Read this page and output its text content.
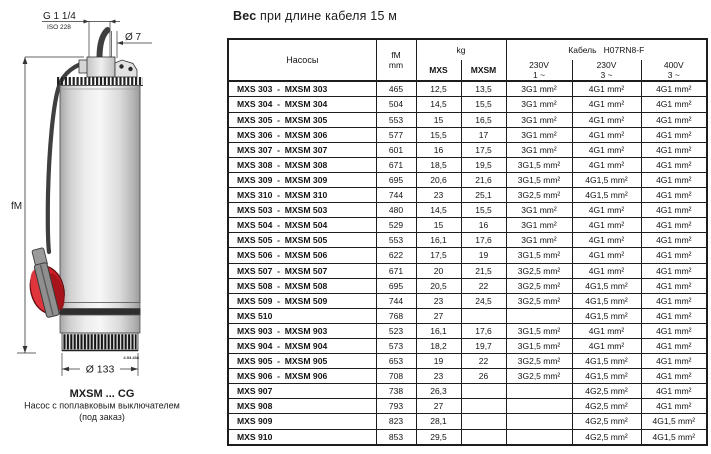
fM
G 1 1/4
ISO 228
Ø 7
Ø 133
4.93.438
MXSM ... CG
Насос с поплавковым выключателем
(под заказ)
Вес при длине кабеля 15 м
Насосы	fM
mm	kg		Кабель   H07RN8-F		
MXS	MXSM	
230V
1 ~

230V
3 ~

400V
3 ~

MXS 303  -  MXSM 303	465	12,5	13,5	3G1 mm²	4G1 mm²	4G1 mm²
MXS 304  -  MXSM 304	504	14,5	15,5	3G1 mm²	4G1 mm²	4G1 mm²
MXS 305  -  MXSM 305	553	15	16,5	3G1 mm²	4G1 mm²	4G1 mm²
MXS 306  -  MXSM 306	577	15,5	17	3G1 mm²	4G1 mm²	4G1 mm²
MXS 307  -  MXSM 307	601	16	17,5	3G1 mm²	4G1 mm²	4G1 mm²
MXS 308  -  MXSM 308	671	18,5	19,5	3G1,5 mm²	4G1 mm²	4G1 mm²
MXS 309  -  MXSM 309	695	20,6	21,6	3G1,5 mm²	4G1,5 mm²	4G1 mm²
MXS 310  -  MXSM 310	744	23	25,1	3G2,5 mm²	4G1,5 mm²	4G1 mm²
MXS 503  -  MXSM 503	480	14,5	15,5	3G1 mm²	4G1 mm²	4G1 mm²
MXS 504  -  MXSM 504	529	15	16	3G1 mm²	4G1 mm²	4G1 mm²
MXS 505  -  MXSM 505	553	16,1	17,6	3G1 mm²	4G1 mm²	4G1 mm²
MXS 506  -  MXSM 506	622	17,5	19	3G1,5 mm²	4G1 mm²	4G1 mm²
MXS 507  -  MXSM 507	671	20	21,5	3G2,5 mm²	4G1 mm²	4G1 mm²
MXS 508  -  MXSM 508	695	20,5	22	3G2,5 mm²	4G1,5 mm²	4G1 mm²
MXS 509  -  MXSM 509	744	23	24,5	3G2,5 mm²	4G1,5 mm²	4G1 mm²
MXS 510	768	27			4G1,5 mm²	4G1 mm²
MXS 903  -  MXSM 903	523	16,1	17,6	3G1,5 mm²	4G1 mm²	4G1 mm²
MXS 904  -  MXSM 904	573	18,2	19,7	3G1,5 mm²	4G1 mm²	4G1 mm²
MXS 905  -  MXSM 905	653	19	22	3G2,5 mm²	4G1,5 mm²	4G1 mm²
MXS 906  -  MXSM 906	708	23	26	3G2,5 mm²	4G1,5 mm²	4G1 mm²
MXS 907	738	26,3			4G2,5 mm²	4G1 mm²
MXS 908	793	27			4G2,5 mm²	4G1 mm²
MXS 909	823	28,1			4G2,5 mm²	4G1,5 mm²
MXS 910	853	29,5			4G2,5 mm²	4G1,5 mm²
